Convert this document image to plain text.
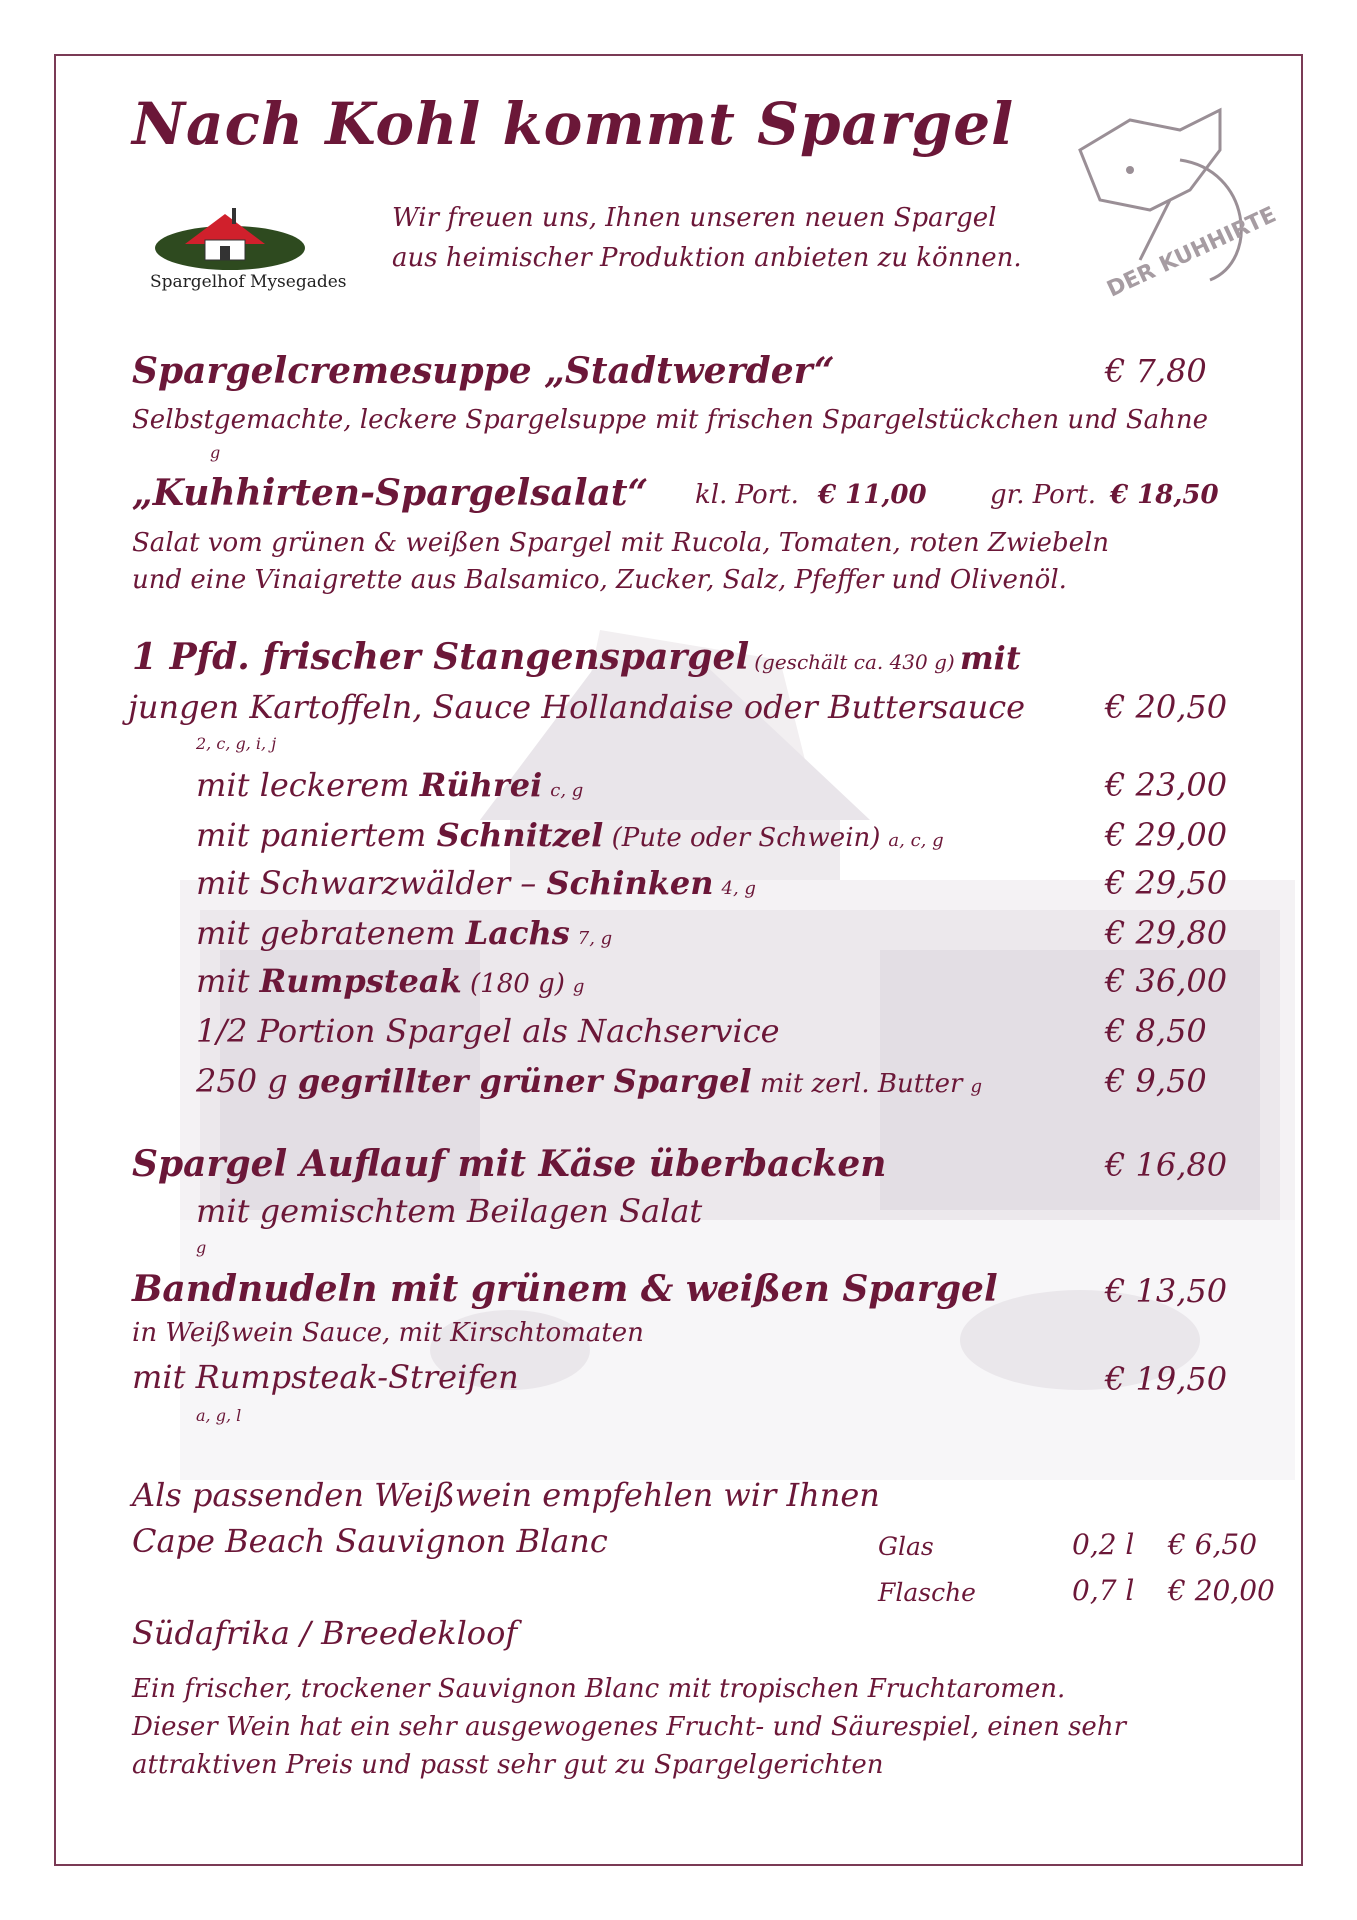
Nach Kohl kommt Spargel
Spargelhof Mysegades	DER KUHHIRTE
Wir freuen uns, Ihnen unseren neuen Spargel
aus heimischer Produktion anbieten zu können.
Spargelcremesuppe „Stadtwerder“	€ 7,80
Selbstgemachte, leckere Spargelsuppe mit frischen Spargelstückchen und Sahne
g
„Kuhhirten-Spargelsalat“ kl. Port. € 11,00 gr. Port. € 18,50
Salat vom grünen & weißen Spargel mit Rucola, Tomaten, roten Zwiebeln
und eine Vinaigrette aus Balsamico, Zucker, Salz, Pfeffer und Olivenöl.
1 Pfd. frischer Stangenspargel (geschält ca. 430 g) mit
jungen Kartoffeln, Sauce Hollandaise oder Buttersauce € 20,50
2, c, g, i, j
mit leckerem Rührei c, g	€ 23,00
mit paniertem Schnitzel (Pute oder Schwein) a, c, g	€ 29,00
mit Schwarzwälder – Schinken 4, g	€ 29,50
mit gebratenem Lachs 7, g	€ 29,80
mit Rumpsteak (180 g) g	€ 36,00
1/2 Portion Spargel als Nachservice	€ 8,50
250 g gegrillter grüner Spargel mit zerl. Butter g	€ 9,50
Spargel Auflauf mit Käse überbacken	€ 16,80
mit gemischtem Beilagen Salat
g
Bandnudeln mit grünem & weißen Spargel	€ 13,50
in Weißwein Sauce, mit Kirschtomaten
mit Rumpsteak-Streifen	€ 19,50
a, g, l
Als passenden Weißwein empfehlen wir Ihnen
Cape Beach Sauvignon Blanc	Glas	0,2 l € 6,50
Flasche	0,7 l € 20,00
Südafrika / Breedekloof
Ein frischer, trockener Sauvignon Blanc mit tropischen Fruchtaromen.
Dieser Wein hat ein sehr ausgewogenes Frucht- und Säurespiel, einen sehr
attraktiven Preis und passt sehr gut zu Spargelgerichten
